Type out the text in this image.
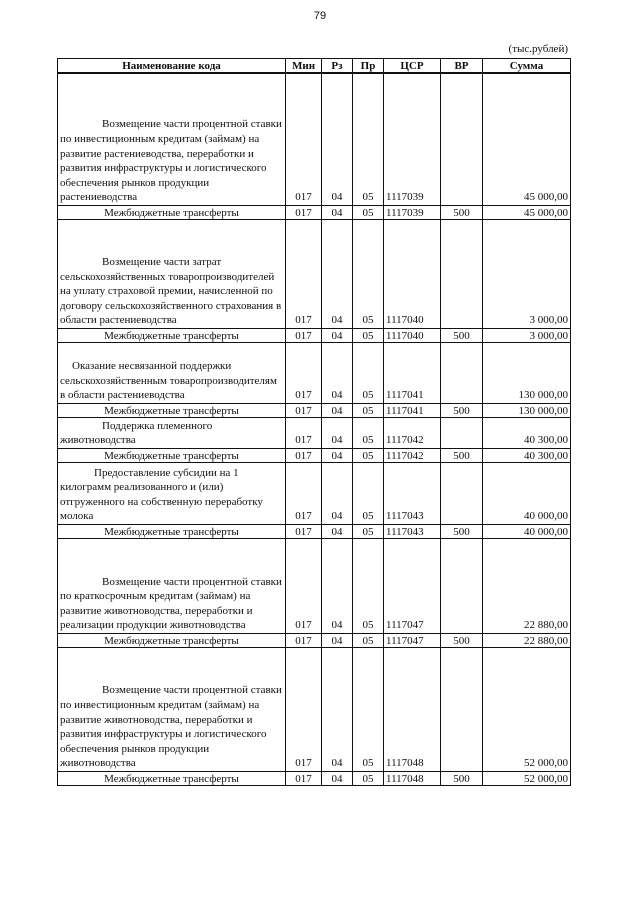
79
(тыс.рублей)
Наименование кода	Мин	Рз	Пр	ЦСР	ВР	Сумма
Возмещение части процентной ставки по инвестиционным кредитам (займам) на развитие растениеводства, переработки и развития инфраструктуры и логистического обеспечения рынков продукции растениеводства	017	04	05	1117039		45 000,00
Межбюджетные трансферты	017	04	05	1117039	500	45 000,00
Возмещение части затрат сельскохозяйственных товаропроизводителей на уплату страховой премии, начисленной по договору сельскохозяйственного страхования в области растениеводства	017	04	05	1117040		3 000,00
Межбюджетные трансферты	017	04	05	1117040	500	3 000,00
Оказание несвязанной поддержки сельскохозяйственным товаропроизводителям в области растениеводства	017	04	05	1117041		130 000,00
Межбюджетные трансферты	017	04	05	1117041	500	130 000,00
Поддержка племенного животноводства	017	04	05	1117042		40 300,00
Межбюджетные трансферты	017	04	05	1117042	500	40 300,00
Предоставление субсидии на 1 килограмм реализованного и (или) отгруженного на собственную переработку молока	017	04	05	1117043		40 000,00
Межбюджетные трансферты	017	04	05	1117043	500	40 000,00
Возмещение части процентной ставки по краткосрочным кредитам (займам) на развитие животноводства, переработки и реализации продукции животноводства	017	04	05	1117047		22 880,00
Межбюджетные трансферты	017	04	05	1117047	500	22 880,00
Возмещение части процентной ставки по инвестиционным кредитам (займам) на развитие животноводства, переработки и развития инфраструктуры и логистического обеспечения рынков продукции животноводства	017	04	05	1117048		52 000,00
Межбюджетные трансферты	017	04	05	1117048	500	52 000,00
